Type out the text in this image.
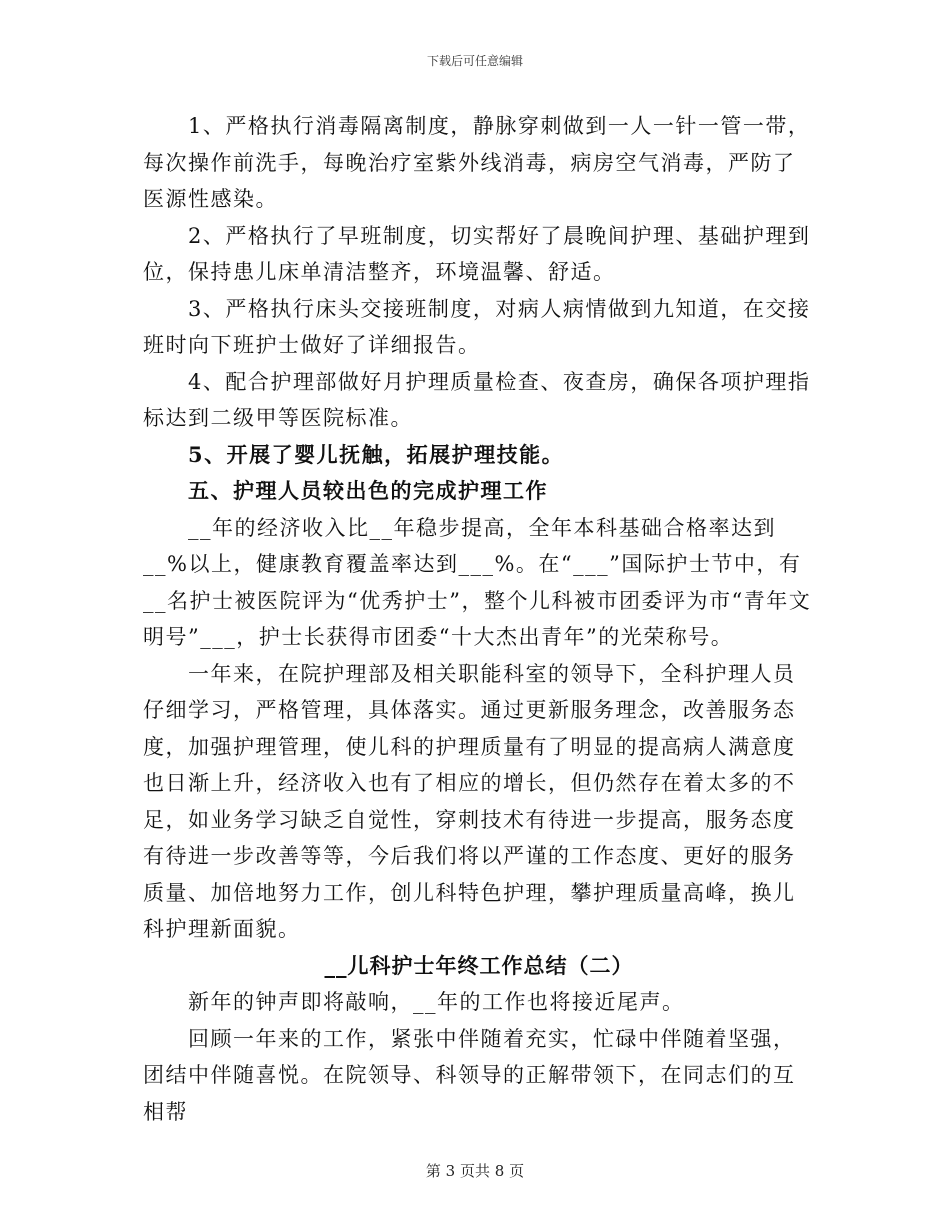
下载后可任意编辑

1、严格执行消毒隔离制度，静脉穿刺做到一人一针一管一带，每次操作前洗手，每晚治疗室紫外线消毒，病房空气消毒，严防了医源性感染。

2、严格执行了早班制度，切实帮好了晨晚间护理、基础护理到位，保持患儿床单清洁整齐，环境温馨、舒适。

3、严格执行床头交接班制度，对病人病情做到九知道，在交接班时向下班护士做好了详细报告。

4、配合护理部做好月护理质量检查、夜查房，确保各项护理指标达到二级甲等医院标准。

5、开展了婴儿抚触，拓展护理技能。

五、护理人员较出色的完成护理工作

__年的经济收入比__年稳步提高，全年本科基础合格率达到__%以上，健康教育覆盖率达到___%。在“___”国际护士节中，有__名护士被医院评为“优秀护士”，整个儿科被市团委评为市“青年文明号”___，护士长获得市团委“十大杰出青年”的光荣称号。

一年来，在院护理部及相关职能科室的领导下，全科护理人员仔细学习，严格管理，具体落实。通过更新服务理念，改善服务态度，加强护理管理，使儿科的护理质量有了明显的提高病人满意度也日渐上升，经济收入也有了相应的增长，但仍然存在着太多的不足，如业务学习缺乏自觉性，穿刺技术有待进一步提高，服务态度有待进一步改善等等，今后我们将以严谨的工作态度、更好的服务质量、加倍地努力工作，创儿科特色护理，攀护理质量高峰，换儿科护理新面貌。

__儿科护士年终工作总结（二）

新年的钟声即将敲响，__年的工作也将接近尾声。

回顾一年来的工作，紧张中伴随着充实，忙碌中伴随着坚强，团结中伴随喜悦。在院领导、科领导的正解带领下，在同志们的互相帮

第 3 页共 8 页
